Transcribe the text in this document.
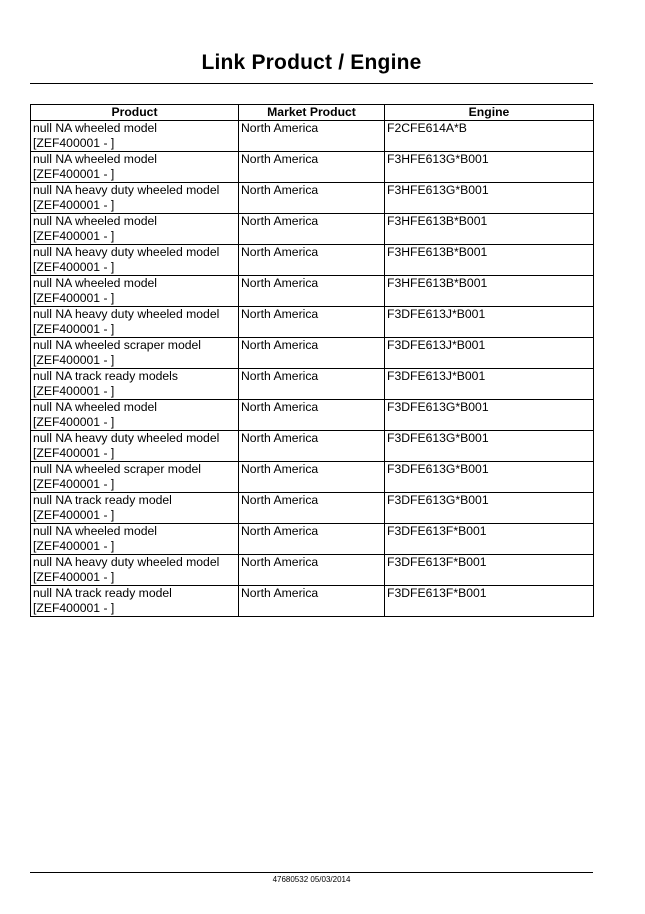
Link Product / Engine
Product	Market Product	Engine

null NA wheeled model
[ZEF400001 - ]	North America	F2CFE614A*B

null NA wheeled model
[ZEF400001 - ]	North America	F3HFE613G*B001

null NA heavy duty wheeled model
[ZEF400001 - ]	North America	F3HFE613G*B001

null NA wheeled model
[ZEF400001 - ]	North America	F3HFE613B*B001

null NA heavy duty wheeled model
[ZEF400001 - ]	North America	F3HFE613B*B001

null NA wheeled model
[ZEF400001 - ]	North America	F3HFE613B*B001

null NA heavy duty wheeled model
[ZEF400001 - ]	North America	F3DFE613J*B001

null NA wheeled scraper model
[ZEF400001 - ]	North America	F3DFE613J*B001

null NA track ready models
[ZEF400001 - ]	North America	F3DFE613J*B001

null NA wheeled model
[ZEF400001 - ]	North America	F3DFE613G*B001

null NA heavy duty wheeled model
[ZEF400001 - ]	North America	F3DFE613G*B001

null NA wheeled scraper model
[ZEF400001 - ]	North America	F3DFE613G*B001

null NA track ready model
[ZEF400001 - ]	North America	F3DFE613G*B001

null NA wheeled model
[ZEF400001 - ]	North America	F3DFE613F*B001

null NA heavy duty wheeled model
[ZEF400001 - ]	North America	F3DFE613F*B001

null NA track ready model
[ZEF400001 - ]	North America	F3DFE613F*B001
47680532 05/03/2014
